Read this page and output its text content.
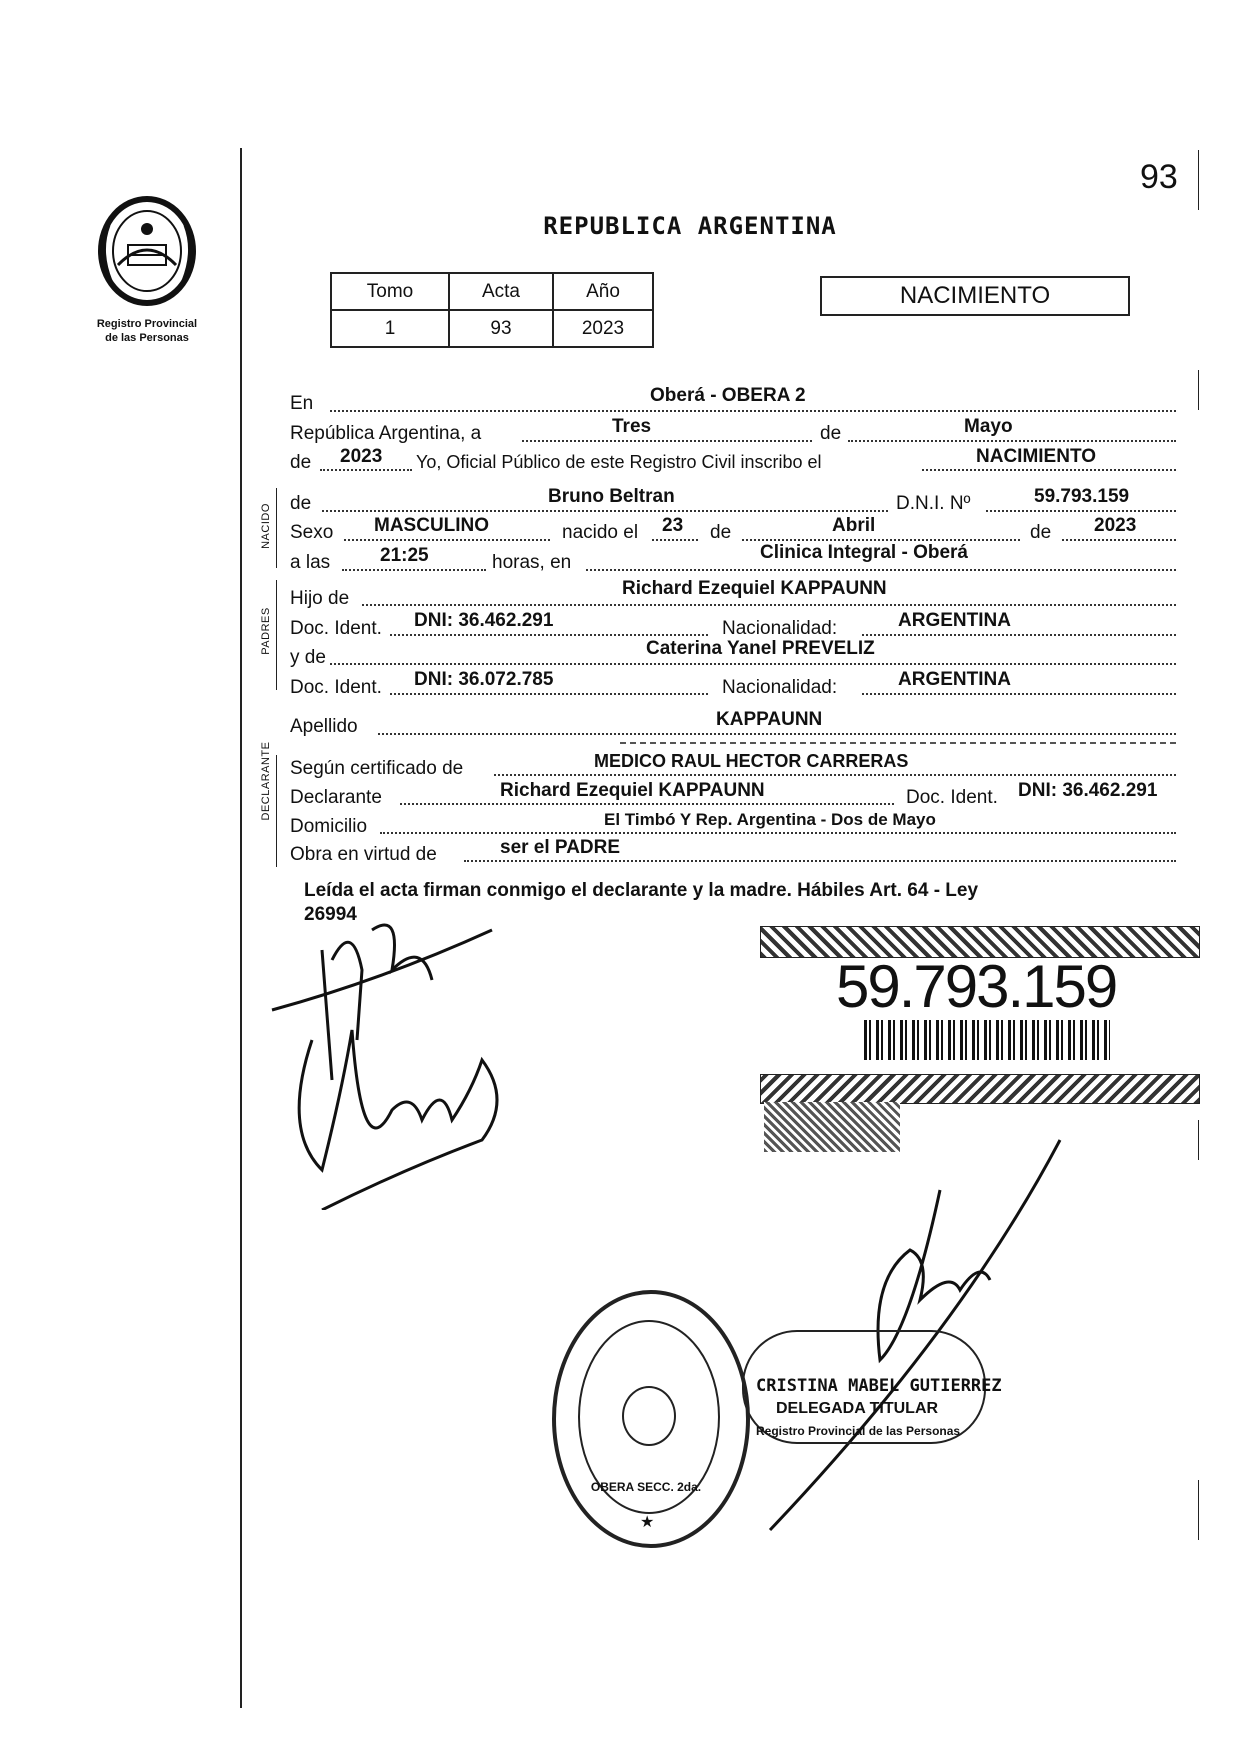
93
Registro Provincial
de las Personas
REPUBLICA ARGENTINA
Tomo	Acta	Año
1	93	2023
NACIMIENTO
NACIDO
PADRES
DECLARANTE
En	Oberá - OBERA 2
República Argentina, a	Tres	de	Mayo
de 2023 Yo, Oficial Público de este Registro Civil inscribo el	NACIMIENTO
de	Bruno Beltran	D.N.I. Nº	59.793.159
Sexo MASCULINO	nacido el 23 de	Abril	de 2023
a las	21:25	horas, en	Clinica Integral - Oberá
Hijo de	Richard Ezequiel KAPPAUNN
Doc. Ident. DNI: 36.462.291	Nacionalidad:	ARGENTINA
y de	Caterina Yanel PREVELIZ
Doc. Ident. DNI: 36.072.785	Nacionalidad:	ARGENTINA
Apellido	KAPPAUNN
Según certificado de	MEDICO RAUL HECTOR CARRERAS
Declarante	Richard Ezequiel KAPPAUNN	Doc. Ident. DNI: 36.462.291
Domicilio	El Timbó Y Rep. Argentina - Dos de Mayo
Obra en virtud de	ser el PADRE
Leída el acta firman conmigo el declarante y la madre. Hábiles Art. 64 - Ley
26994
59.793.159
★
OBERA SECC. 2da.
CRISTINA MABEL GUTIERREZ
DELEGADA TITULAR
Registro Provincial de las Personas
